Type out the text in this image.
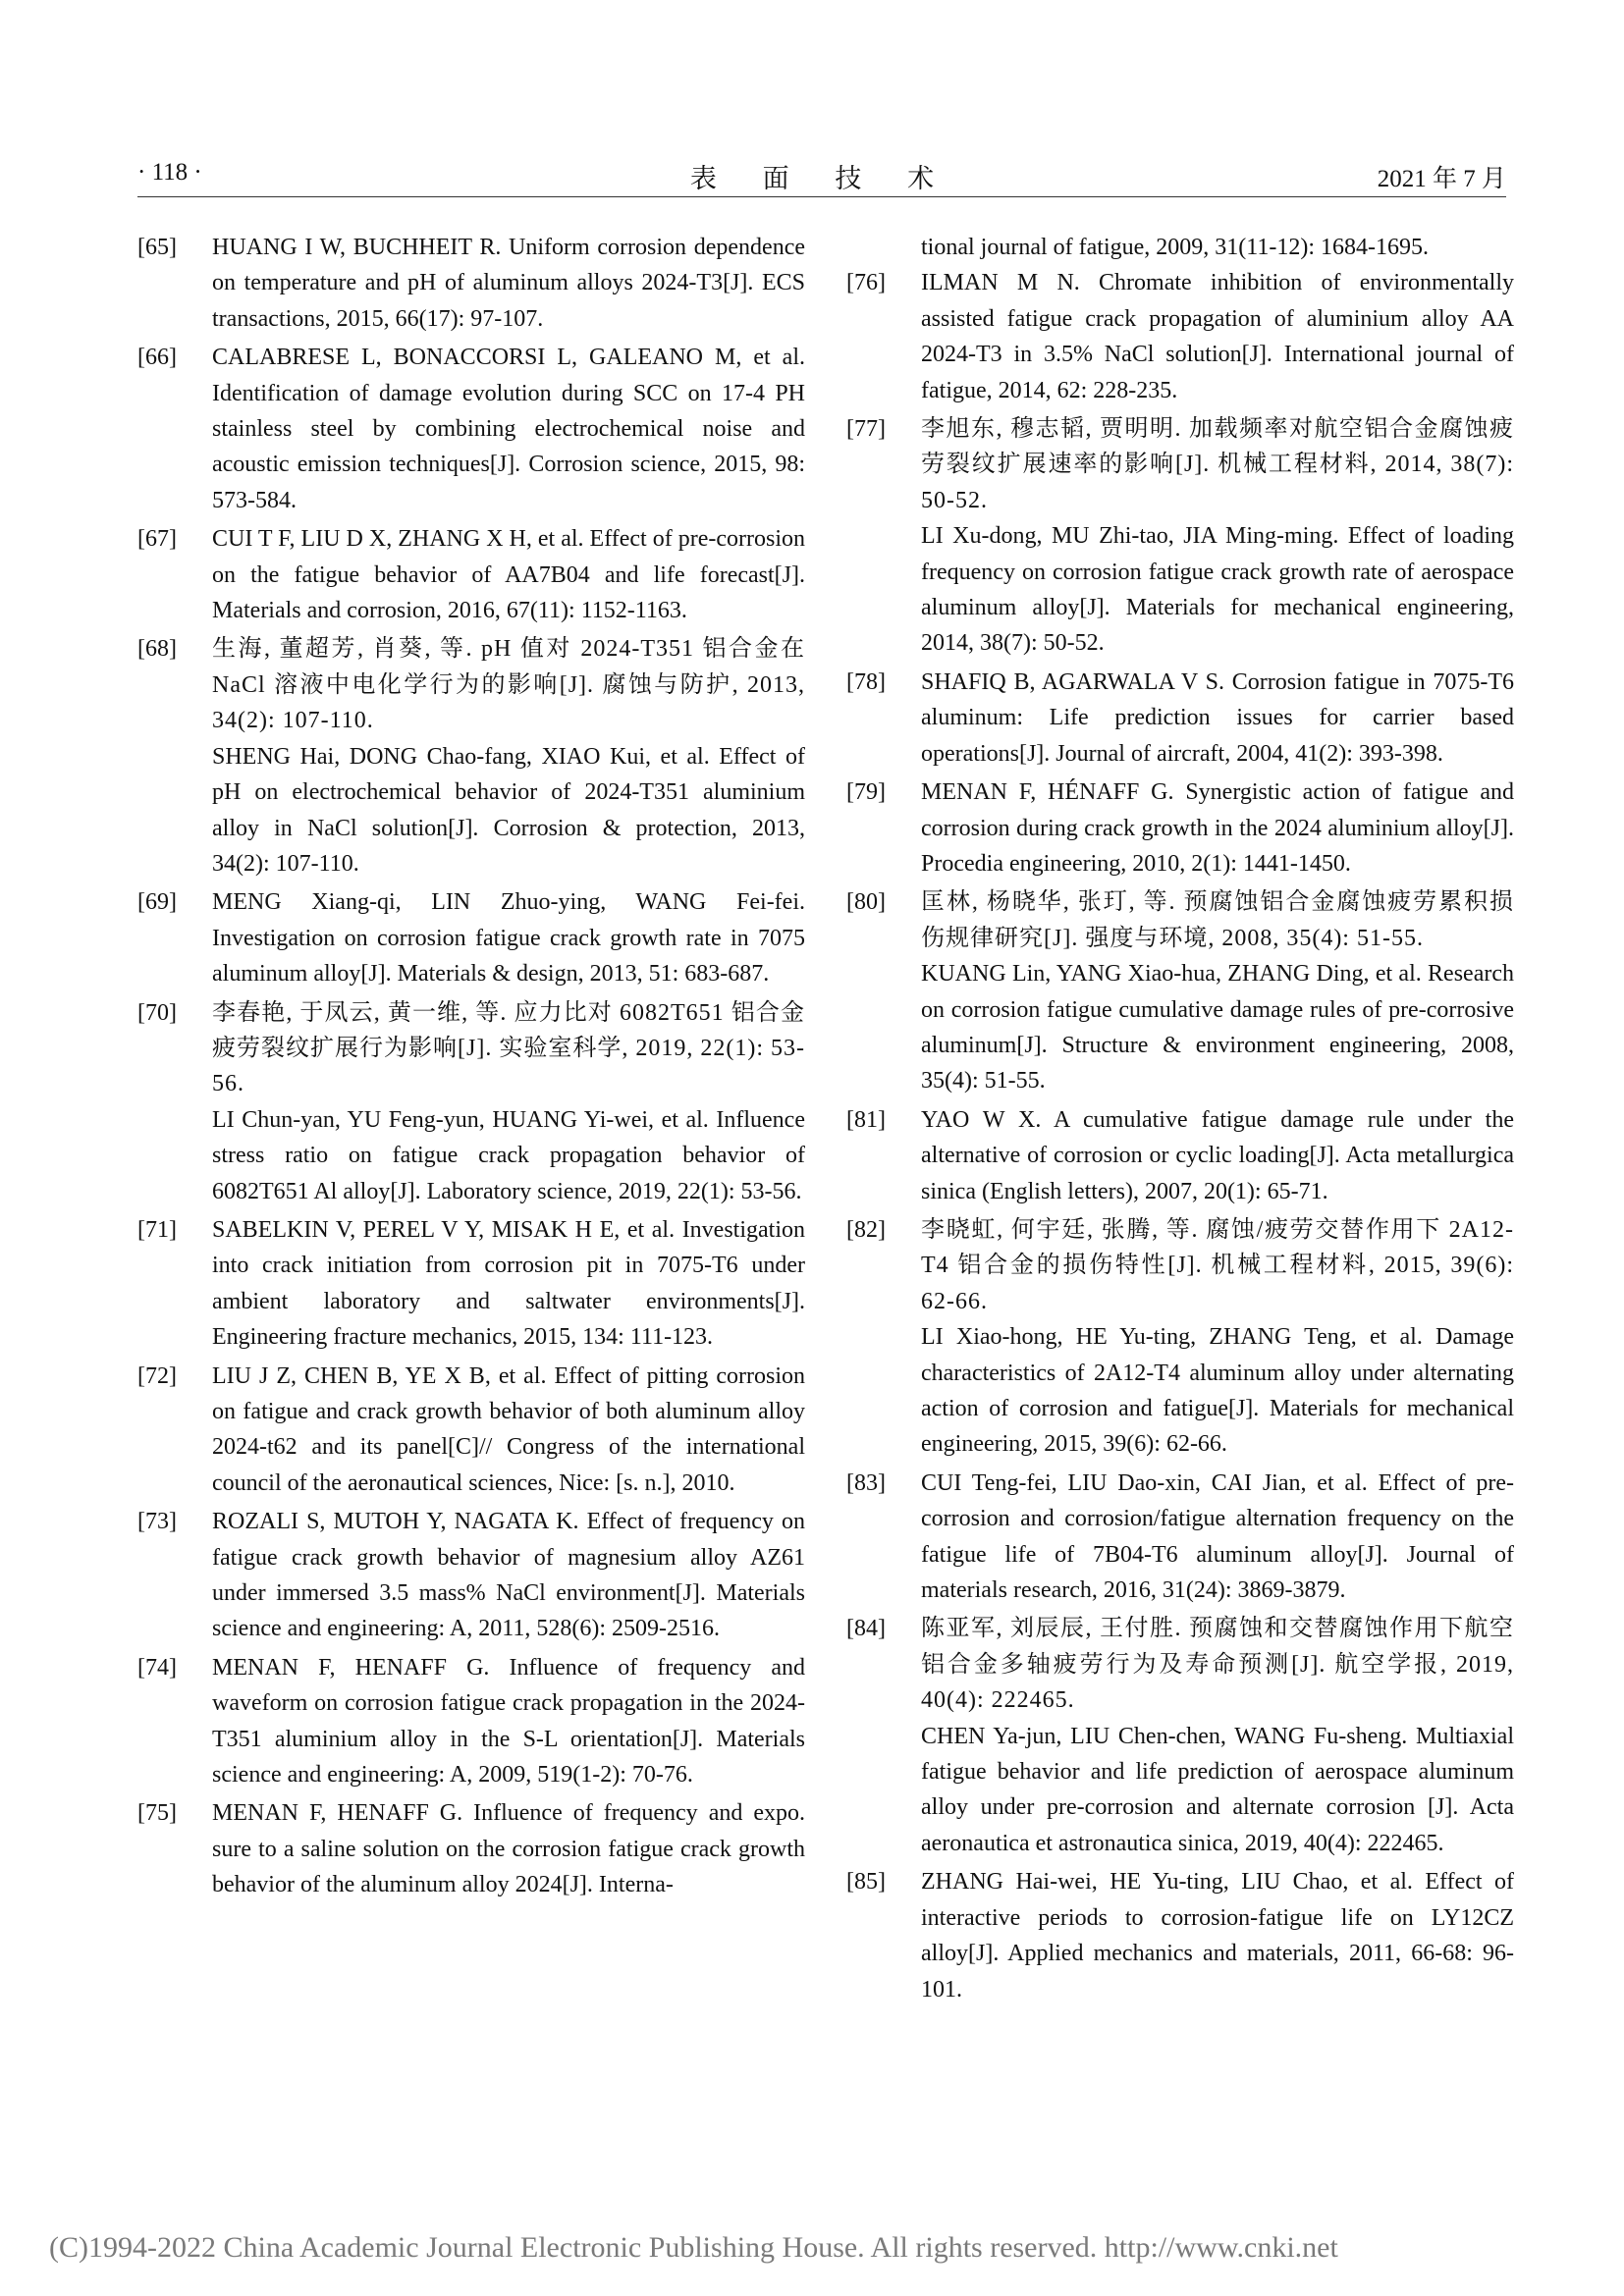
· 118 ·	表 面 技 术	2021 年 7 月
[65] HUANG I W, BUCHHEIT R. Uniform corrosion dependence on temperature and pH of aluminum alloys 2024-T3[J]. ECS transactions, 2015, 66(17): 97-107.
[66] CALABRESE L, BONACCORSI L, GALEANO M, et al. Identification of damage evolution during SCC on 17-4 PH stainless steel by combining electrochemical noise and acoustic emission techniques[J]. Corrosion science, 2015, 98: 573-584.
[67] CUI T F, LIU D X, ZHANG X H, et al. Effect of pre-corrosion on the fatigue behavior of AA7B04 and life forecast[J]. Materials and corrosion, 2016, 67(11): 1152-1163.
[68] 生海, 董超芳, 肖葵, 等. pH 值对 2024-T351 铝合金在 NaCl 溶液中电化学行为的影响[J]. 腐蚀与防护, 2013, 34(2): 107-110.
SHENG Hai, DONG Chao-fang, XIAO Kui, et al. Effect of pH on electrochemical behavior of 2024-T351 aluminium alloy in NaCl solution[J]. Corrosion & protection, 2013, 34(2): 107-110.
[69] MENG Xiang-qi, LIN Zhuo-ying, WANG Fei-fei. Investigation on corrosion fatigue crack growth rate in 7075 aluminum alloy[J]. Materials & design, 2013, 51: 683-687.
[70] 李春艳, 于凤云, 黄一维, 等. 应力比对 6082T651 铝合金疲劳裂纹扩展行为影响[J]. 实验室科学, 2019, 22(1): 53-56.
LI Chun-yan, YU Feng-yun, HUANG Yi-wei, et al. Influence stress ratio on fatigue crack propagation behavior of 6082T651 Al alloy[J]. Laboratory science, 2019, 22(1): 53-56.
[71] SABELKIN V, PEREL V Y, MISAK H E, et al. Investigation into crack initiation from corrosion pit in 7075-T6 under ambient laboratory and saltwater environments[J]. Engineering fracture mechanics, 2015, 134: 111-123.
[72] LIU J Z, CHEN B, YE X B, et al. Effect of pitting corrosion on fatigue and crack growth behavior of both aluminum alloy 2024-t62 and its panel[C]// Congress of the international council of the aeronautical sciences, Nice: [s. n.], 2010.
[73] ROZALI S, MUTOH Y, NAGATA K. Effect of frequency on fatigue crack growth behavior of magnesium alloy AZ61 under immersed 3.5 mass% NaCl environment[J]. Materials science and engineering: A, 2011, 528(6): 2509-2516.
[74] MENAN F, HENAFF G. Influence of frequency and waveform on corrosion fatigue crack propagation in the 2024-T351 aluminium alloy in the S-L orientation[J]. Materials science and engineering: A, 2009, 519(1-2): 70-76.
[75] MENAN F, HENAFF G. Influence of frequency and expo. sure to a saline solution on the corrosion fatigue crack growth behavior of the aluminum alloy 2024[J]. Interna-
tional journal of fatigue, 2009, 31(11-12): 1684-1695.
[76] ILMAN M N. Chromate inhibition of environmentally assisted fatigue crack propagation of aluminium alloy AA 2024-T3 in 3.5% NaCl solution[J]. International journal of fatigue, 2014, 62: 228-235.
[77] 李旭东, 穆志韬, 贾明明. 加载频率对航空铝合金腐蚀疲劳裂纹扩展速率的影响[J]. 机械工程材料, 2014, 38(7): 50-52.
LI Xu-dong, MU Zhi-tao, JIA Ming-ming. Effect of loading frequency on corrosion fatigue crack growth rate of aerospace aluminum alloy[J]. Materials for mechanical engineering, 2014, 38(7): 50-52.
[78] SHAFIQ B, AGARWALA V S. Corrosion fatigue in 7075-T6 aluminum: Life prediction issues for carrier based operations[J]. Journal of aircraft, 2004, 41(2): 393-398.
[79] MENAN F, HÉNAFF G. Synergistic action of fatigue and corrosion during crack growth in the 2024 aluminium alloy[J]. Procedia engineering, 2010, 2(1): 1441-1450.
[80] 匡林, 杨晓华, 张玎, 等. 预腐蚀铝合金腐蚀疲劳累积损伤规律研究[J]. 强度与环境, 2008, 35(4): 51-55.
KUANG Lin, YANG Xiao-hua, ZHANG Ding, et al. Research on corrosion fatigue cumulative damage rules of pre-corrosive aluminum[J]. Structure & environment engineering, 2008, 35(4): 51-55.
[81] YAO W X. A cumulative fatigue damage rule under the alternative of corrosion or cyclic loading[J]. Acta metallurgica sinica (English letters), 2007, 20(1): 65-71.
[82] 李晓虹, 何宇廷, 张腾, 等. 腐蚀/疲劳交替作用下 2A12-T4 铝合金的损伤特性[J]. 机械工程材料, 2015, 39(6): 62-66.
LI Xiao-hong, HE Yu-ting, ZHANG Teng, et al. Damage characteristics of 2A12-T4 aluminum alloy under alternating action of corrosion and fatigue[J]. Materials for mechanical engineering, 2015, 39(6): 62-66.
[83] CUI Teng-fei, LIU Dao-xin, CAI Jian, et al. Effect of pre-corrosion and corrosion/fatigue alternation frequency on the fatigue life of 7B04-T6 aluminum alloy[J]. Journal of materials research, 2016, 31(24): 3869-3879.
[84] 陈亚军, 刘辰辰, 王付胜. 预腐蚀和交替腐蚀作用下航空铝合金多轴疲劳行为及寿命预测[J]. 航空学报, 2019, 40(4): 222465.
CHEN Ya-jun, LIU Chen-chen, WANG Fu-sheng. Multiaxial fatigue behavior and life prediction of aerospace aluminum alloy under pre-corrosion and alternate corrosion [J]. Acta aeronautica et astronautica sinica, 2019, 40(4): 222465.
[85] ZHANG Hai-wei, HE Yu-ting, LIU Chao, et al. Effect of interactive periods to corrosion-fatigue life on LY12CZ alloy[J]. Applied mechanics and materials, 2011, 66-68: 96-101.
(C)1994-2022 China Academic Journal Electronic Publishing House. All rights reserved. http://www.cnki.net
